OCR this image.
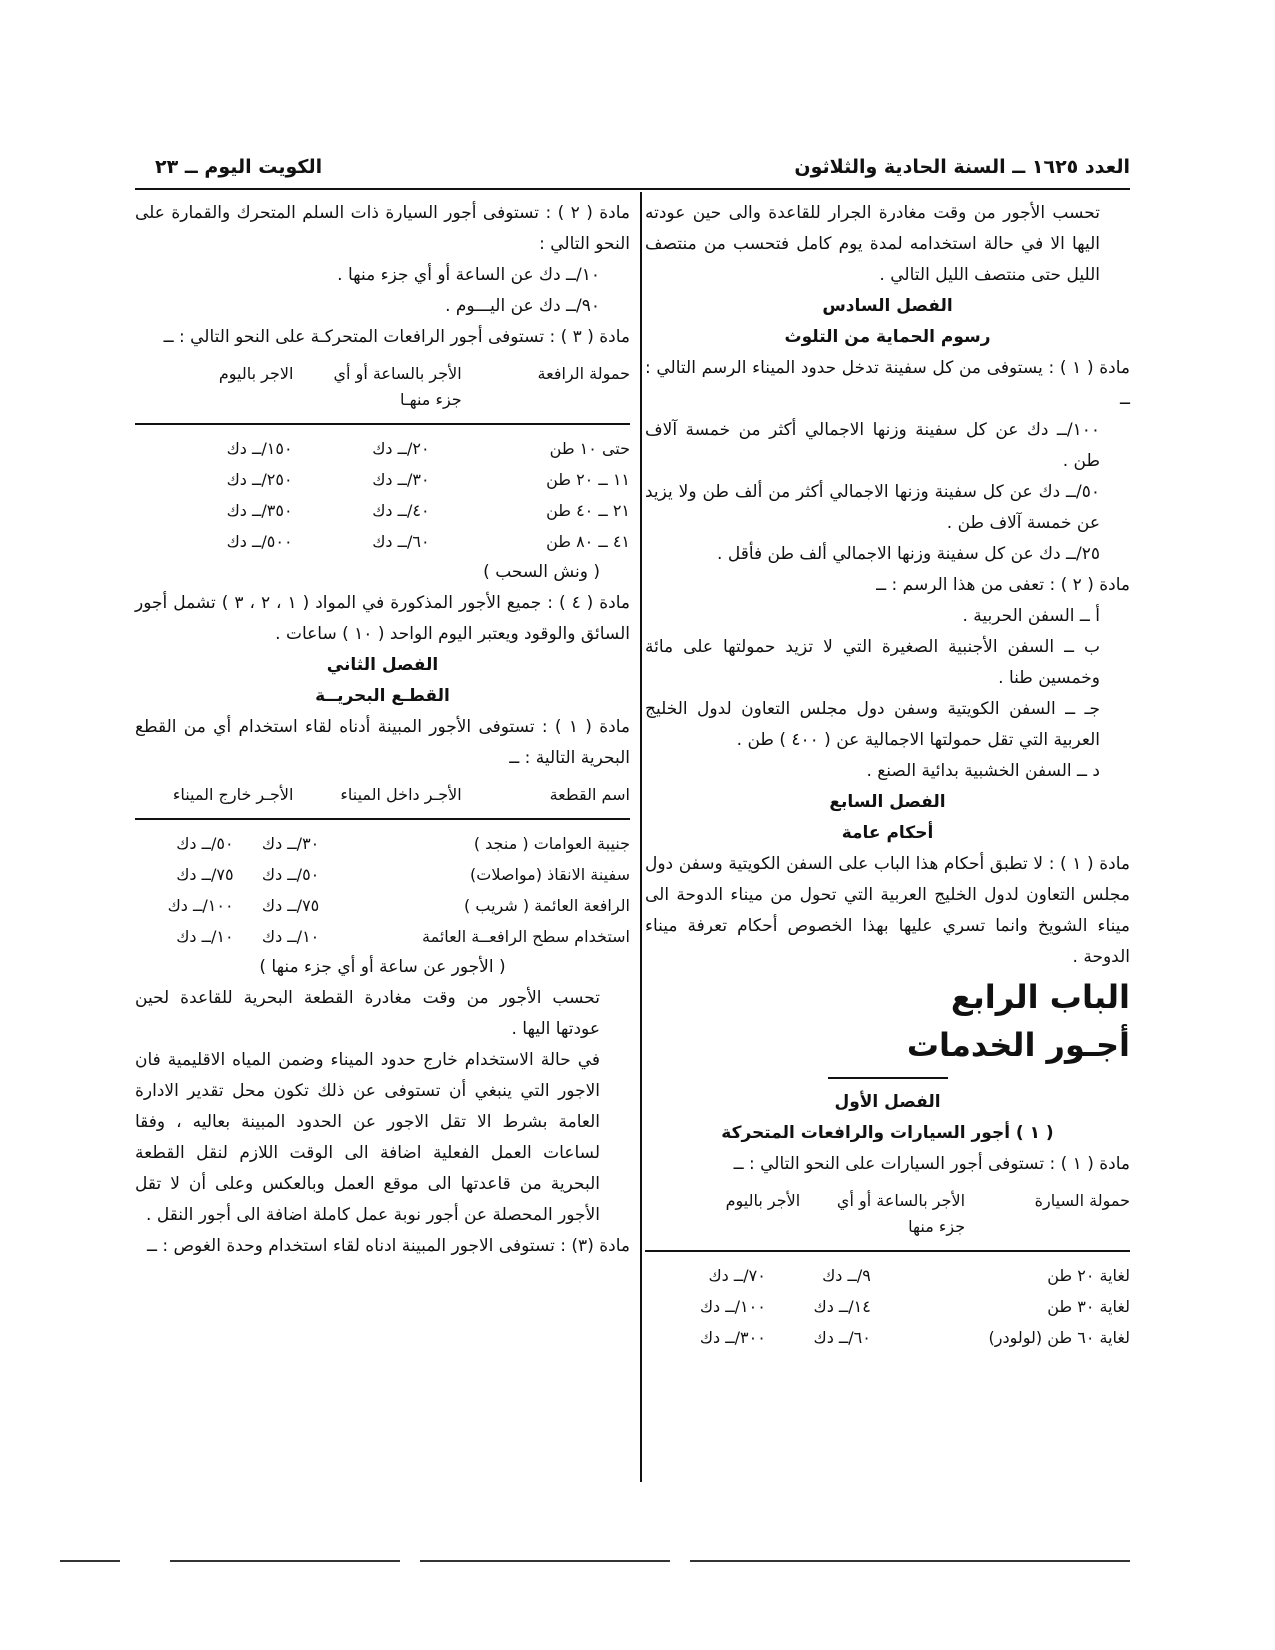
العدد ١٦٢٥ ــ السنة الحادية والثلاثون
الكويت اليوم ــ ٢٣

تحسب الأجور من وقت مغادرة الجرار للقاعدة والى حين عودته اليها الا في حالة استخدامه لمدة يوم كامل فتحسب من منتصف الليل حتى منتصف الليل التالي .

الفصل السادس

رسوم الحماية من التلوث

مادة ( ١ ) : يستوفى من كل سفينة تدخل حدود الميناء الرسم التالي : ــ

١٠٠/ــ دك عن كل سفينة وزنها الاجمالي أكثر من خمسة آلاف طن .

٥٠/ــ دك عن كل سفينة وزنها الاجمالي أكثر من ألف طن ولا يزيد عن خمسة آلاف طن .

٢٥/ــ دك عن كل سفينة وزنها الاجمالي ألف طن فأقل .

مادة ( ٢ ) : تعفى من هذا الرسم : ــ

أ ــ السفن الحربية .

ب ــ السفن الأجنبية الصغيرة التي لا تزيد حمولتها على مائة وخمسين طنا .

جـ ــ السفن الكويتية وسفن دول مجلس التعاون لدول الخليج العربية التي تقل حمولتها الاجمالية عن ( ٤٠٠ ) طن .

د ــ السفن الخشبية بدائية الصنع .

الفصل السابع

أحكام عامة

مادة ( ١ ) : لا تطبق أحكام هذا الباب على السفن الكويتية وسفن دول مجلس التعاون لدول الخليج العربية التي تحول من ميناء الدوحة الى ميناء الشويخ وانما تسري عليها بهذا الخصوص أحكام تعرفة ميناء الدوحة .

الباب الرابع

أجـور الخدمات

الفصل الأول

( ١ ) أجور السيارات والرافعات المتحركة

مادة ( ١ ) : تستوفى أجور السيارات على النحو التالي : ــ

حمولة السيارة
الأجر بالساعة أو أي جزء منها
الأجر باليوم
لغاية ٢٠ طن	٩/ــ دك	٧٠/ــ دك
لغاية ٣٠ طن	١٤/ــ دك	١٠٠/ــ دك
لغاية ٦٠ طن (لولودر)	٦٠/ــ دك	٣٠٠/ــ دك

مادة ( ٢ ) : تستوفى أجور السيارة ذات السلم المتحرك والقمارة على النحو التالي :

١٠/ــ دك عن الساعة أو أي جزء منها .

٩٠/ــ دك عن اليـــوم .

مادة ( ٣ ) : تستوفى أجور الرافعات المتحركـة على النحو التالي : ــ

حمولة الرافعة
الأجر بالساعة أو أي جزء منهـا
الاجر باليوم
حتى ١٠ طن	٢٠/ــ دك	١٥٠/ــ دك
١١ ــ ٢٠ طن	٣٠/ــ دك	٢٥٠/ــ دك
٢١ ــ ٤٠ طن	٤٠/ــ دك	٣٥٠/ــ دك
٤١ ــ ٨٠ طن	٦٠/ــ دك	٥٠٠/ــ دك

( ونش السحب )

مادة ( ٤ ) : جميع الأجور المذكورة في المواد ( ١ ، ٢ ، ٣ ) تشمل أجور السائق والوقود ويعتبر اليوم الواحد ( ١٠ ) ساعات .

الفصل الثاني

القطـع البحريــة

مادة ( ١ ) : تستوفى الأجور المبينة أدناه لقاء استخدام أي من القطع البحرية التالية : ــ

اسم القطعة
الأجـر داخل الميناء
الأجـر خارج الميناء
جنيبة العوامات ( منجد )	٣٠/ــ دك	٥٠/ــ دك
سفينة الانقاذ (مواصلات)	٥٠/ــ دك	٧٥/ــ دك
الرافعة العائمة ( شريب )	٧٥/ــ دك	١٠٠/ــ دك
استخدام سطح الرافعــة العائمة	١٠/ــ دك	١٠/ــ دك

( الأجور عن ساعة أو أي جزء منها )

تحسب الأجور من وقت مغادرة القطعة البحرية للقاعدة لحين عودتها اليها .

في حالة الاستخدام خارج حدود الميناء وضمن المياه الاقليمية فان الاجور التي ينبغي أن تستوفى عن ذلك تكون محل تقدير الادارة العامة بشرط الا تقل الاجور عن الحدود المبينة بعاليه ، وفقا لساعات العمل الفعلية اضافة الى الوقت اللازم لنقل القطعة البحرية من قاعدتها الى موقع العمل وبالعكس وعلى أن لا تقل الأجور المحصلة عن أجور نوبة عمل كاملة اضافة الى أجور النقل .

مادة (٣) : تستوفى الاجور المبينة ادناه لقاء استخدام وحدة الغوص : ــ
